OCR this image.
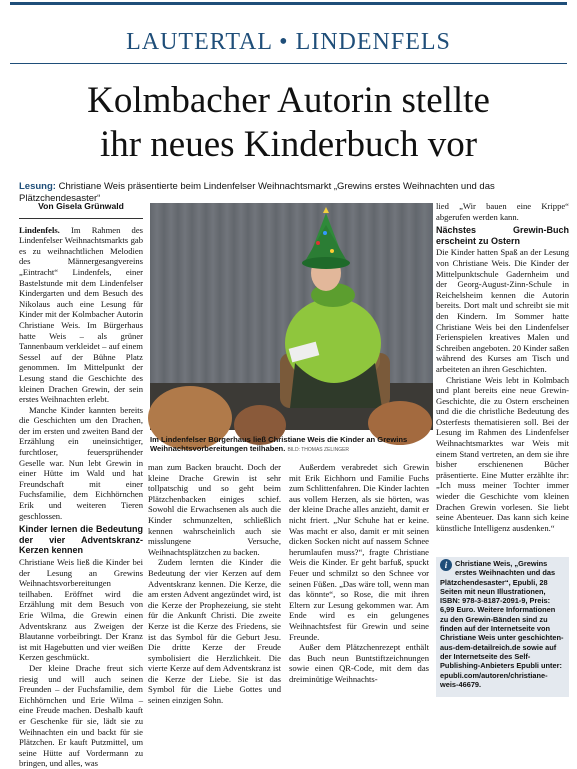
LAUTERTAL • LINDENFELS
Kolmbacher Autorin stellte
ihr neues Kinderbuch vor
Lesung: Christiane Weis präsentierte beim Lindenfelser Weihnachtsmarkt „Grewins erstes Weihnachten und das Plätzchendesaster“
Von Gisela Grünwald

Lindenfels. Im Rahmen des Lindenfelser Weihnachtsmarkts gab es zu weihnachtlichen Melodien des Männergesangvereins „Eintracht“ Lindenfels, einer Bastelstunde mit dem Lindenfelser Kindergarten und dem Besuch des Nikolaus auch eine Lesung für Kinder mit der Kolmbacher Autorin Christiane Weis. Im Bürgerhaus hatte Weis – als grüner Tannenbaum verkleidet – auf einem Sessel auf der Bühne Platz genommen. Im Mittelpunkt der Lesung stand die Geschichte des kleinen Drachen Grewin, der sein erstes Weihnachten erlebt.

Manche Kinder kannten bereits die Geschichten um den Drachen, der im ersten und zweiten Band der Erzählung ein uneinsichtiger, furchtloser, feuersprühender Geselle war. Nun lebt Grewin in einer Hütte im Wald und hat Freundschaft mit einer Fuchsfamilie, dem Eichhörnchen Erik und weiteren Tieren geschlossen.

Kinder lernen die Bedeutung der vier Adventskranz-Kerzen kennen

Christiane Weis ließ die Kinder bei der Lesung an Grewins Weihnachtsvorbereitungen teilhaben. Eröffnet wird die Erzählung mit dem Besuch von Erie Wilma, die Grewin einen Adventskranz aus Zweigen der Blautanne vorbeibringt. Der Kranz ist mit Hagebutten und vier weißen Kerzen geschmückt.

Der kleine Drache freut sich riesig und will auch seinen Freunden – der Fuchsfamilie, dem Eichhörnchen und Erie Wilma – eine Freude machen. Deshalb kauft er Geschenke für sie, lädt sie zu Weihnachten ein und backt für sie Plätzchen. Er kauft Putzmittel, um seine Hütte auf Vordermann zu bringen, und alles, was

Im Lindenfelser Bürgerhaus ließ Christiane Weis die Kinder an Grewins Weihnachtsvorbereitungen teilhaben. BILD: THOMAS ZELINGER

man zum Backen braucht. Doch der kleine Drache Grewin ist sehr tollpatschig und so geht beim Plätzchenbacken einiges schief. Sowohl die Erwachsenen als auch die Kinder schmunzelten, schließlich kennen wahrscheinlich auch sie misslungene Versuche, Weihnachtsplätzchen zu backen.

Zudem lernten die Kinder die Bedeutung der vier Kerzen auf dem Adventskranz kennen. Die Kerze, die am ersten Advent angezündet wird, ist die Kerze der Prophezeiung, sie steht für die Ankunft Christi. Die zweite Kerze ist die Kerze des Friedens, sie ist das Symbol für die Geburt Jesu. Die dritte Kerze der Freude symbolisiert die Herzlichkeit. Die vierte Kerze auf dem Adventskranz ist die Kerze der Liebe. Sie ist das Symbol für die Liebe Gottes und seinen einzigen Sohn.

Außerdem verabredet sich Grewin mit Erik Eichhorn und Familie Fuchs zum Schlittenfahren. Die Kinder lachten aus vollem Herzen, als sie hörten, was der kleine Drache alles anzieht, damit er nicht friert. „Nur Schuhe hat er keine. Was macht er also, damit er mit seinen dicken Socken nicht auf nassem Schnee herumlaufen muss?“, fragte Christiane Weis die Kinder. Er geht barfuß, spuckt Feuer und schmilzt so den Schnee vor seinen Füßen. „Das wäre toll, wenn man das könnte“, so Rose, die mit ihren Eltern zur Lesung gekommen war. Am Ende wird es ein gelungenes Weihnachtsfest für Grewin und seine Freunde.

Außer dem Plätzchenrezept enthält das Buch neun Buntstiftzeichnungen sowie einen QR-Code, mit dem das dreiminütige Weihnachts-

lied „Wir bauen eine Krippe“ abgerufen werden kann.

Nächstes Grewin-Buch erscheint zu Ostern

Die Kinder hatten Spaß an der Lesung von Christiane Weis. Die Kinder der Mittelpunktschule Gadernheim und der Georg-August-Zinn-Schule in Reichelsheim kennen die Autorin bereits. Dort malt und schreibt sie mit den Kindern. Im Sommer hatte Christiane Weis bei den Lindenfelser Ferienspielen kreatives Malen und Schreiben angeboten. 20 Kinder saßen während des Kurses am Tisch und arbeiteten an ihren Geschichten.

Christiane Weis lebt in Kolmbach und plant bereits eine neue Grewin-Geschichte, die zu Ostern erscheinen und die die christliche Bedeutung des Osterfests thematisieren soll. Bei der Lesung im Rahmen des Lindenfelser Weihnachtsmarktes war Weis mit einem Stand vertreten, an dem sie ihre bisher erschienenen Bücher präsentierte. Eine Mutter erzählte ihr: „Ich muss meiner Tochter immer wieder die Geschichte vom kleinen Drachen Grewin vorlesen. Sie liebt seine Abenteuer. Das kann sich keine künstliche Intelligenz ausdenken.“

i	Christiane Weis, „Grewins erstes Weihnachten und das Plätzchendesaster“, Epubli, 28 Seiten mit neun Illustrationen, ISBN: 978-3-8187-2091-9, Preis: 6,99 Euro. Weitere Informationen zu den Grewin-Bänden sind zu finden auf der Internetseite von Christiane Weis unter geschichten-aus-dem-detailreich.de sowie auf der Internetseite des Self-Publishing-Anbieters Epubli unter: epubli.com/autoren/christiane-weis-46679.
